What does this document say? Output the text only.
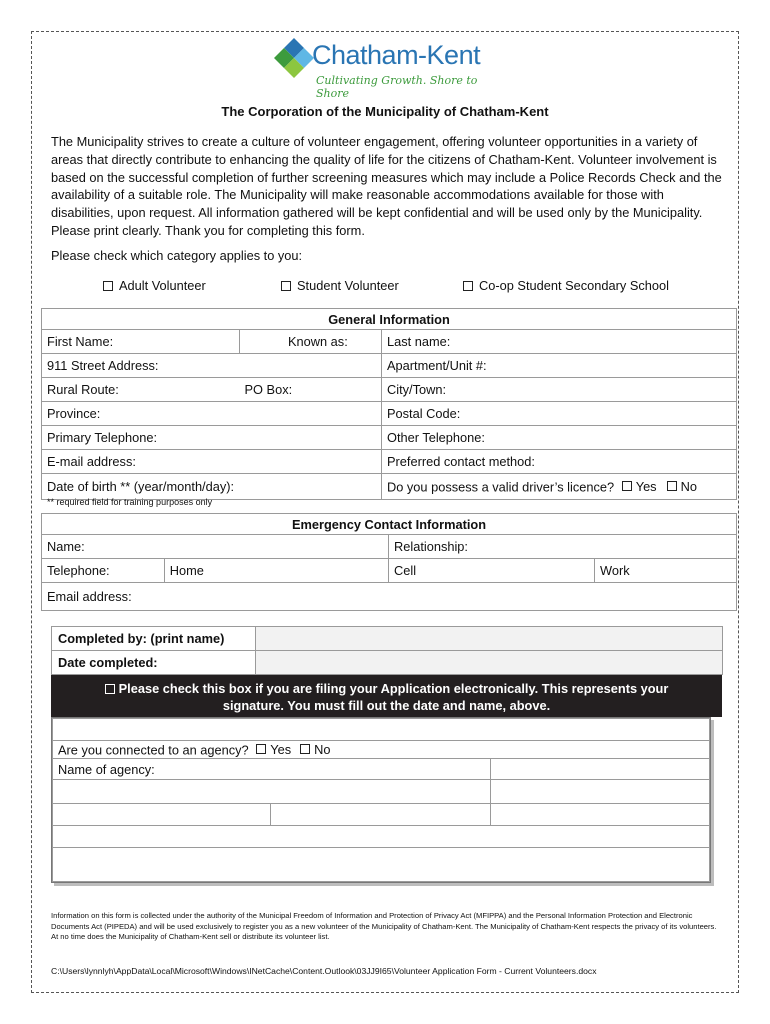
Chatham-Kent
Cultivating Growth. Shore to Shore
The Corporation of the Municipality of Chatham-Kent
The Municipality strives to create a culture of volunteer engagement, offering volunteer opportunities in a variety of areas that directly contribute to enhancing the quality of life for the citizens of Chatham-Kent. Volunteer involvement is based on the successful completion of further screening measures which may include a Police Records Check and the availability of a suitable role. The Municipality will make reasonable accommodations available for those with disabilities, upon request. All information gathered will be kept confidential and will be used only by the Municipality. Please print clearly. Thank you for completing this form.
Please check which category applies to you:
Adult Volunteer	Student Volunteer	Co-op Student Secondary School
General Information		
First Name:	Known as:	Last name:
911 Street Address:		Apartment/Unit #:
Rural Route:	PO Box:	City/Town:
Province:		Postal Code:
Primary Telephone:		Other Telephone:
E-mail address:		Preferred contact method:
Date of birth ** (year/month/day):		Do you possess a valid driver’s licence? Yes No
** required field for training purposes only
Emergency Contact Information			
Name:		Relationship:	
Telephone:	Home	Cell	Work
Email address:			
Completed by: (print name)	
Date completed:	
Please check this box if you are filing your Application electronically. This represents your
signature. You must fill out the date and name, above.

Are you connected to an agency? Yes No		

Name of agency:		

Information on this form is collected under the authority of the Municipal Freedom of Information and Protection of Privacy Act (MFIPPA) and the Personal Information Protection and Electronic Documents Act (PIPEDA) and will be used exclusively to register you as a new volunteer of the Municipality of Chatham-Kent. The Municipality of Chatham-Kent respects the privacy of its volunteers. At no time does the Municipality of Chatham-Kent sell or distribute its volunteer list.
C:\Users\lynnlyh\AppData\Local\Microsoft\Windows\INetCache\Content.Outlook\03JJ9I65\Volunteer Application Form - Current Volunteers.docx
